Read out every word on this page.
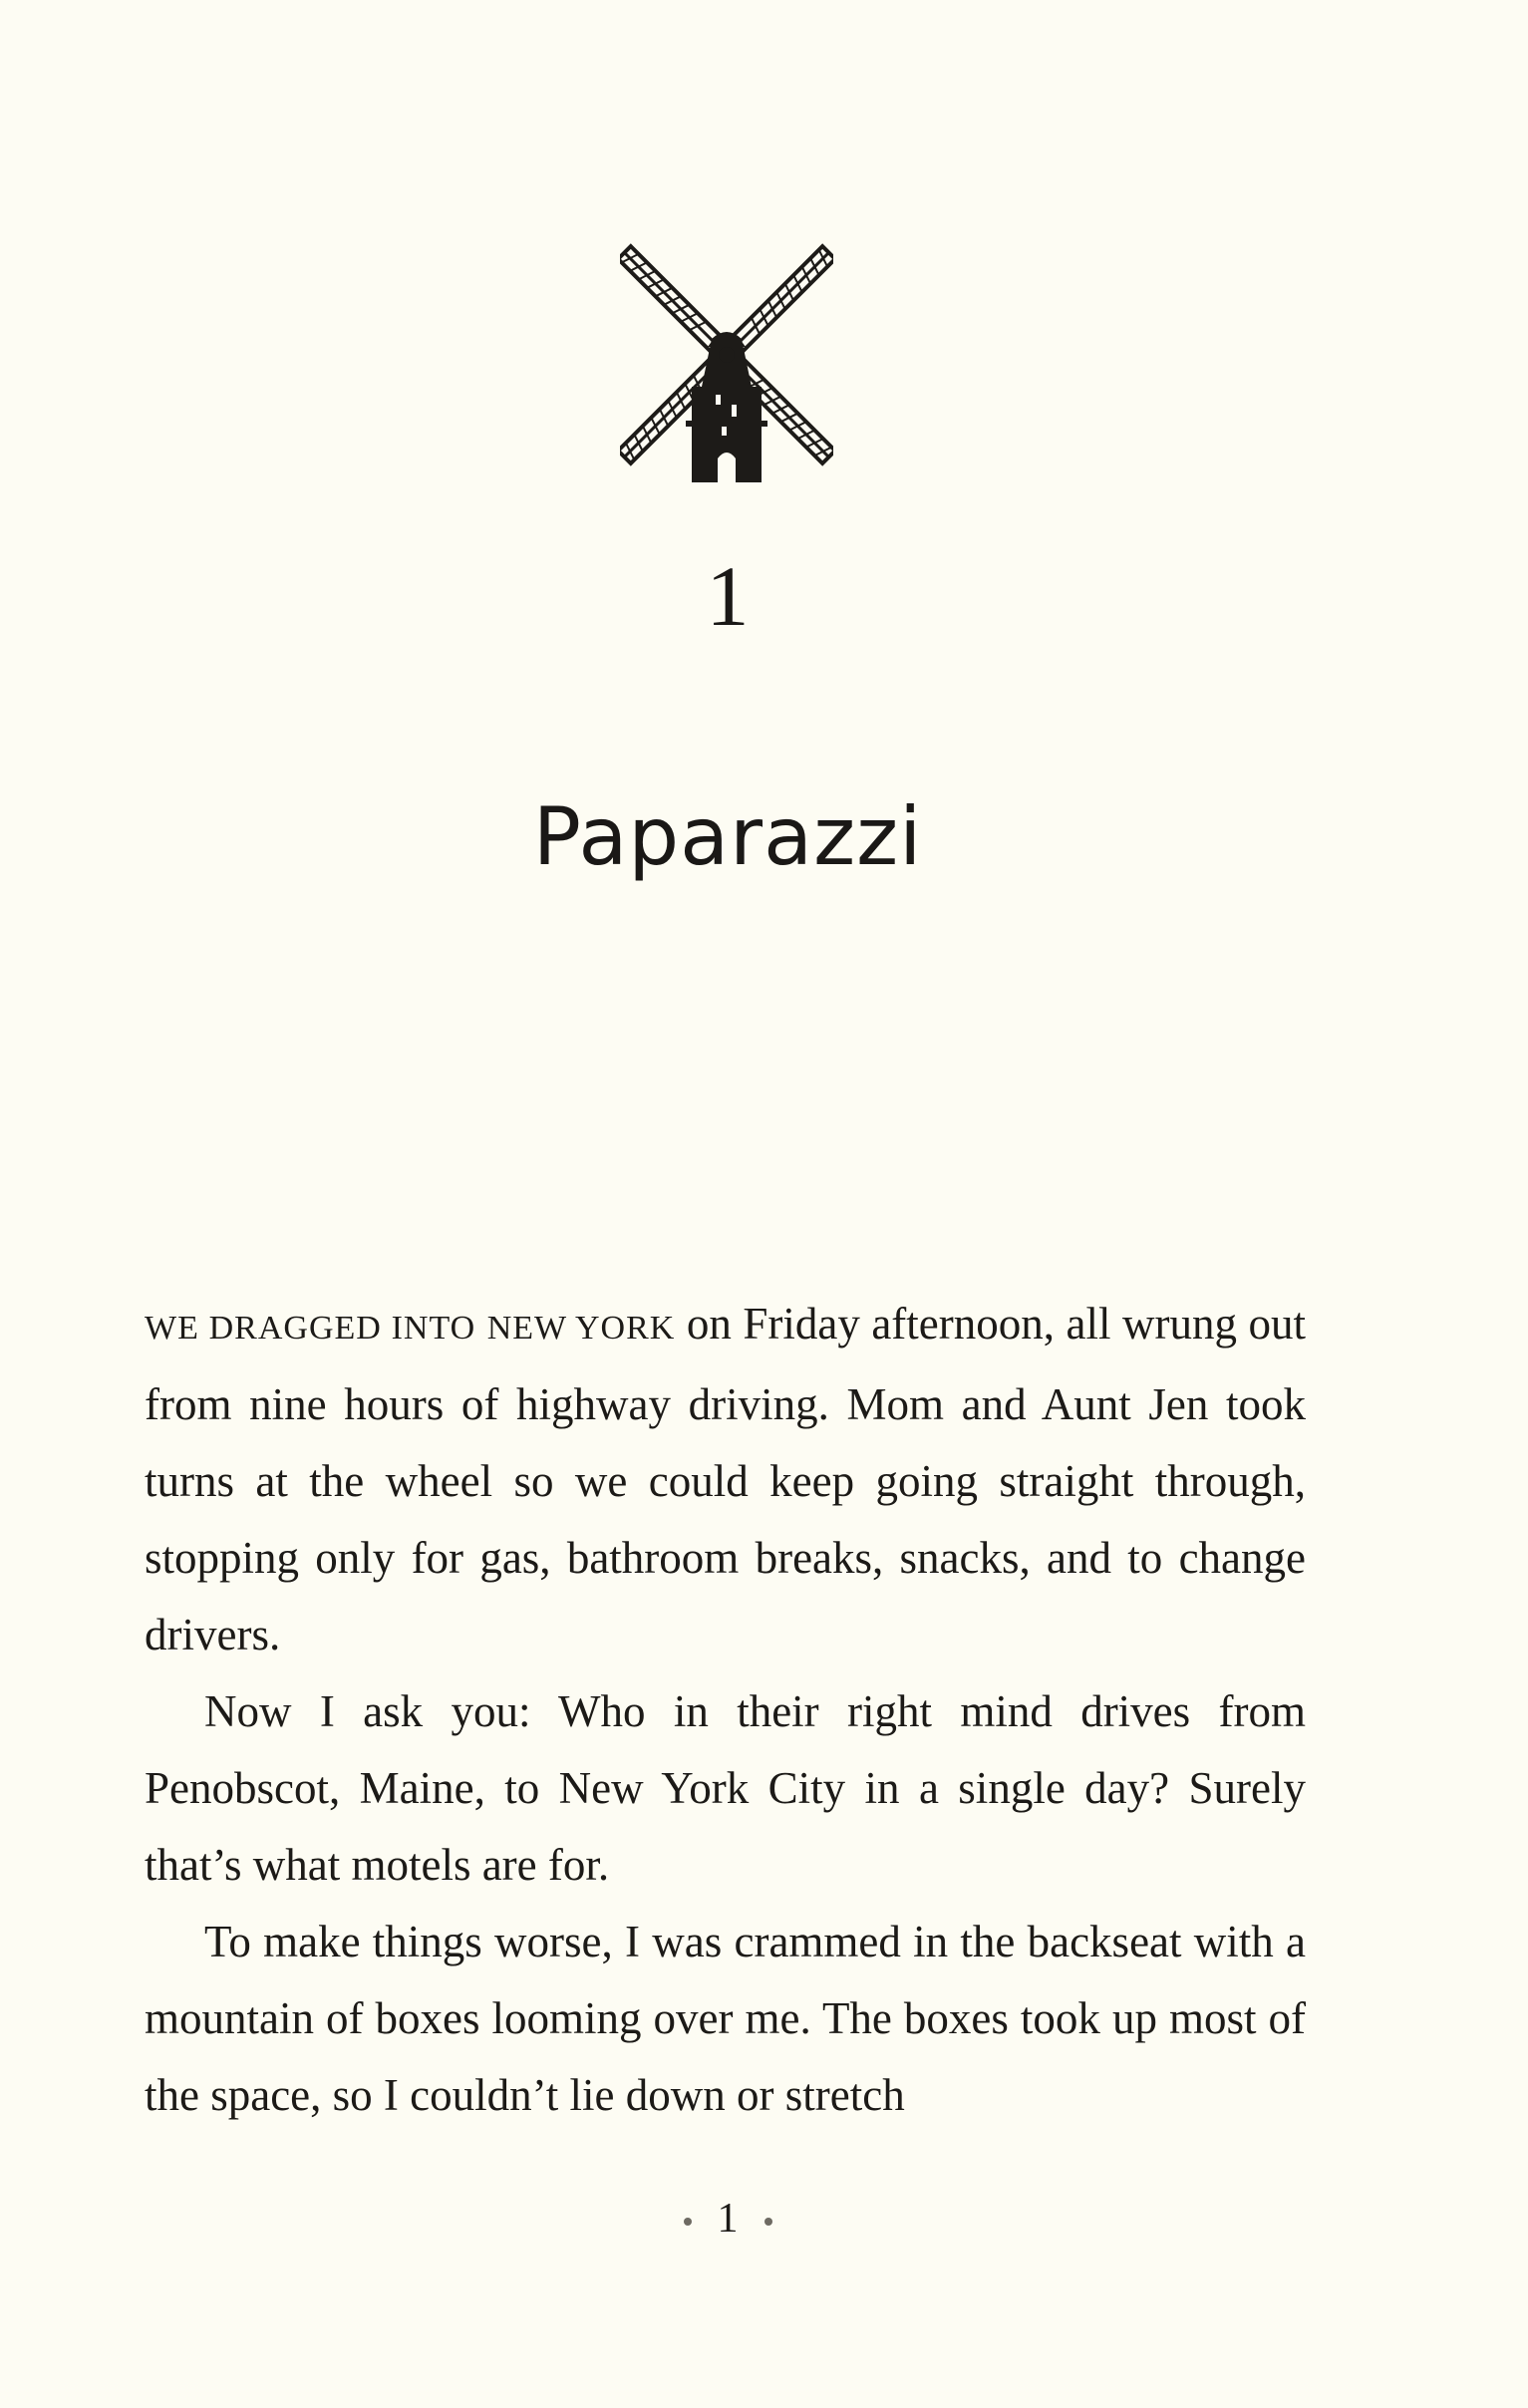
1
Paparazzi

WE DRAGGED INTO NEW YORK on Friday afternoon, all wrung out from nine hours of highway driving. Mom and Aunt Jen took turns at the wheel so we could keep going straight through, stopping only for gas, bathroom breaks, snacks, and to change drivers.

Now I ask you: Who in their right mind drives from Penobscot, Maine, to New York City in a single day? Surely that’s what motels are for.

To make things worse, I was crammed in the backseat with a mountain of boxes looming over me. The boxes took up most of the space, so I couldn’t lie down or stretch

1
